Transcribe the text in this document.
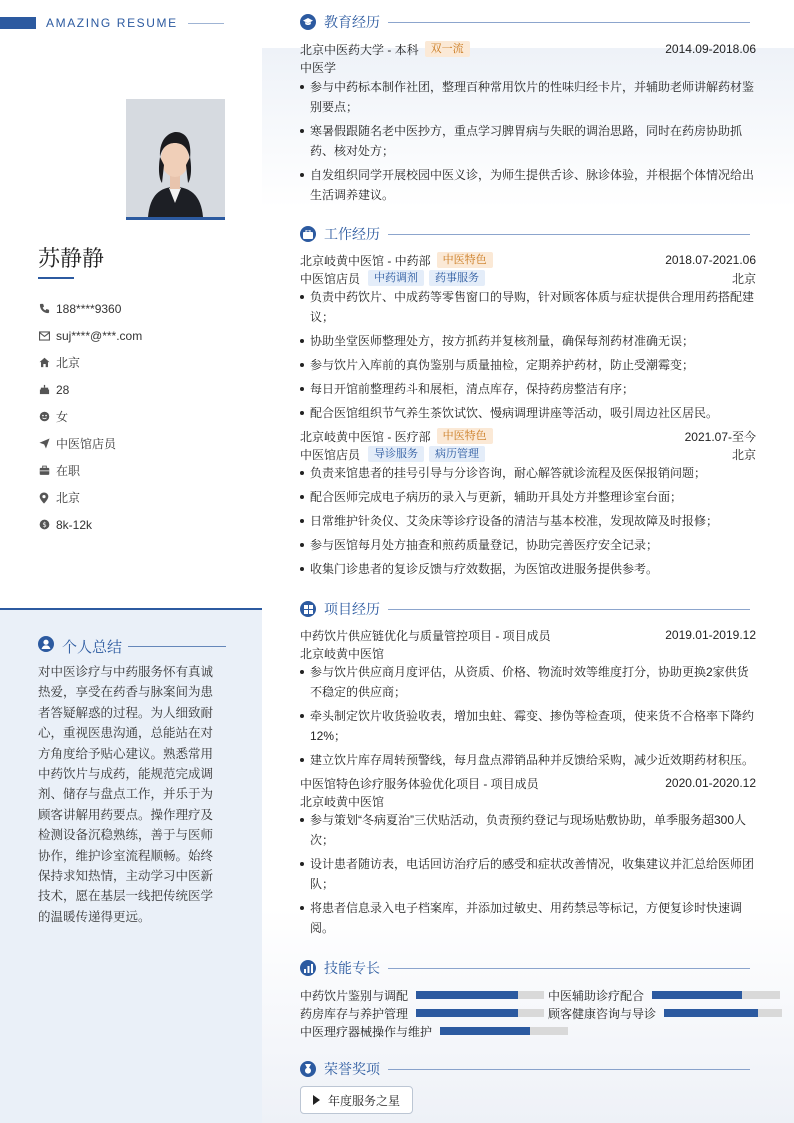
AMAZING RESUME
苏静静
188****9360
suj****@***.com
北京
28
女
中医馆店员
在职
北京
$ 8k-12k
个人总结
对中医诊疗与中药服务怀有真诚热爱，享受在药香与脉案间为患者答疑解惑的过程。为人细致耐心，重视医患沟通，总能站在对方角度给予贴心建议。熟悉常用中药饮片与成药，能规范完成调剂、储存与盘点工作，并乐于为顾客讲解用药要点。操作理疗及检测设备沉稳熟练，善于与医师协作，维护诊室流程顺畅。始终保持求知热情，主动学习中医新技术，愿在基层一线把传统医学的温暖传递得更远。
教育经历
北京中医药大学 - 本科	双一流	2014.09-2018.06
中医学
参与中药标本制作社团，整理百种常用饮片的性味归经卡片，并辅助老师讲解药材鉴别要点；
寒暑假跟随名老中医抄方，重点学习脾胃病与失眠的调治思路，同时在药房协助抓药、核对处方；
自发组织同学开展校园中医义诊，为师生提供舌诊、脉诊体验，并根据个体情况给出生活调养建议。
工作经历
北京岐黄中医馆 - 中药部	中医特色	2018.07-2021.06
中医馆店员	中药调剂	药事服务	北京
负责中药饮片、中成药等零售窗口的导购，针对顾客体质与症状提供合理用药搭配建议；
协助坐堂医师整理处方，按方抓药并复核剂量，确保每剂药材准确无误；
参与饮片入库前的真伪鉴别与质量抽检，定期养护药材，防止受潮霉变；
每日开馆前整理药斗和展柜，清点库存，保持药房整洁有序；
配合医馆组织节气养生茶饮试饮、慢病调理讲座等活动，吸引周边社区居民。
北京岐黄中医馆 - 医疗部	中医特色	2021.07-至今
中医馆店员	导诊服务	病历管理	北京
负责来馆患者的挂号引导与分诊咨询，耐心解答就诊流程及医保报销问题；
配合医师完成电子病历的录入与更新，辅助开具处方并整理诊室台面；
日常维护针灸仪、艾灸床等诊疗设备的清洁与基本校准，发现故障及时报修；
参与医馆每月处方抽查和煎药质量登记，协助完善医疗安全记录；
收集门诊患者的复诊反馈与疗效数据，为医馆改进服务提供参考。
项目经历
中药饮片供应链优化与质量管控项目 - 项目成员	2019.01-2019.12
北京岐黄中医馆
参与饮片供应商月度评估，从资质、价格、物流时效等维度打分，协助更换2家供货不稳定的供应商；
牵头制定饮片收货验收表，增加虫蛀、霉变、掺伪等检查项，使来货不合格率下降约12%；
建立饮片库存周转预警线，每月盘点滞销品种并反馈给采购，减少近效期药材积压。
中医馆特色诊疗服务体验优化项目 - 项目成员	2020.01-2020.12
北京岐黄中医馆
参与策划“冬病夏治”三伏贴活动，负责预约登记与现场贴敷协助，单季服务超300人次；
设计患者随访表，电话回访治疗后的感受和症状改善情况，收集建议并汇总给医师团队；
将患者信息录入电子档案库，并添加过敏史、用药禁忌等标记，方便复诊时快速调阅。
技能专长
中药饮片鉴别与调配	中医辅助诊疗配合
药房库存与养护管理	顾客健康咨询与导诊
中医理疗器械操作与维护
荣誉奖项
年度服务之星
